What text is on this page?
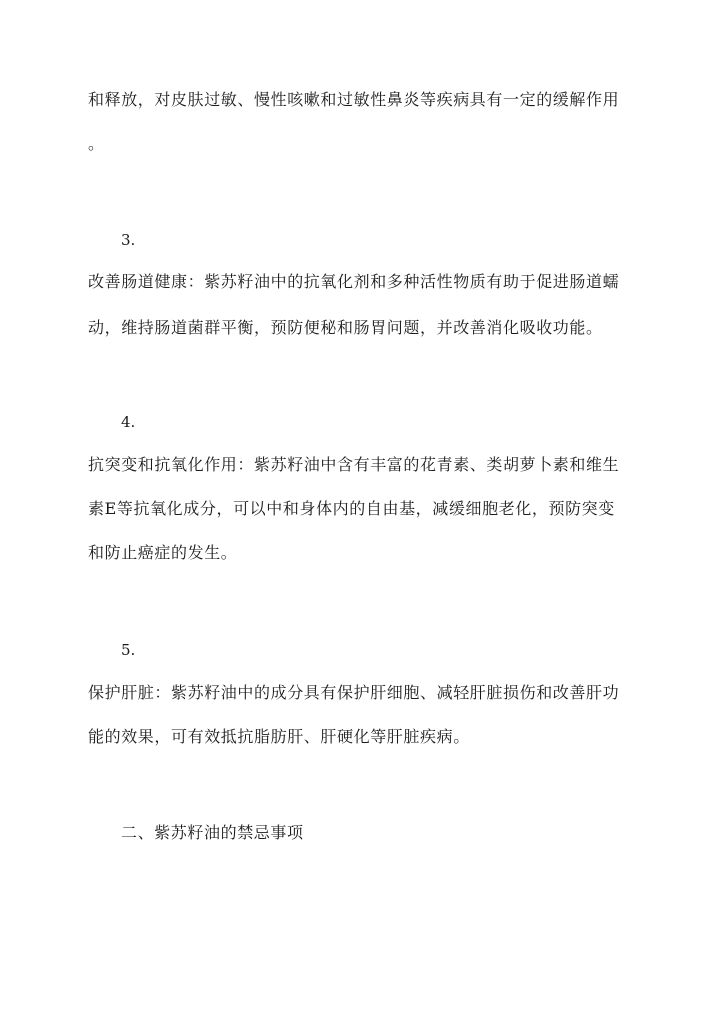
和释放，对皮肤过敏、慢性咳嗽和过敏性鼻炎等疾病具有一定的缓解作用
。
3.
改善肠道健康：紫苏籽油中的抗氧化剂和多种活性物质有助于促进肠道蠕
动，维持肠道菌群平衡，预防便秘和肠胃问题，并改善消化吸收功能。
4.
抗突变和抗氧化作用：紫苏籽油中含有丰富的花青素、类胡萝卜素和维生
素E等抗氧化成分，可以中和身体内的自由基，减缓细胞老化，预防突变
和防止癌症的发生。
5.
保护肝脏：紫苏籽油中的成分具有保护肝细胞、减轻肝脏损伤和改善肝功
能的效果，可有效抵抗脂肪肝、肝硬化等肝脏疾病。
二、紫苏籽油的禁忌事项
